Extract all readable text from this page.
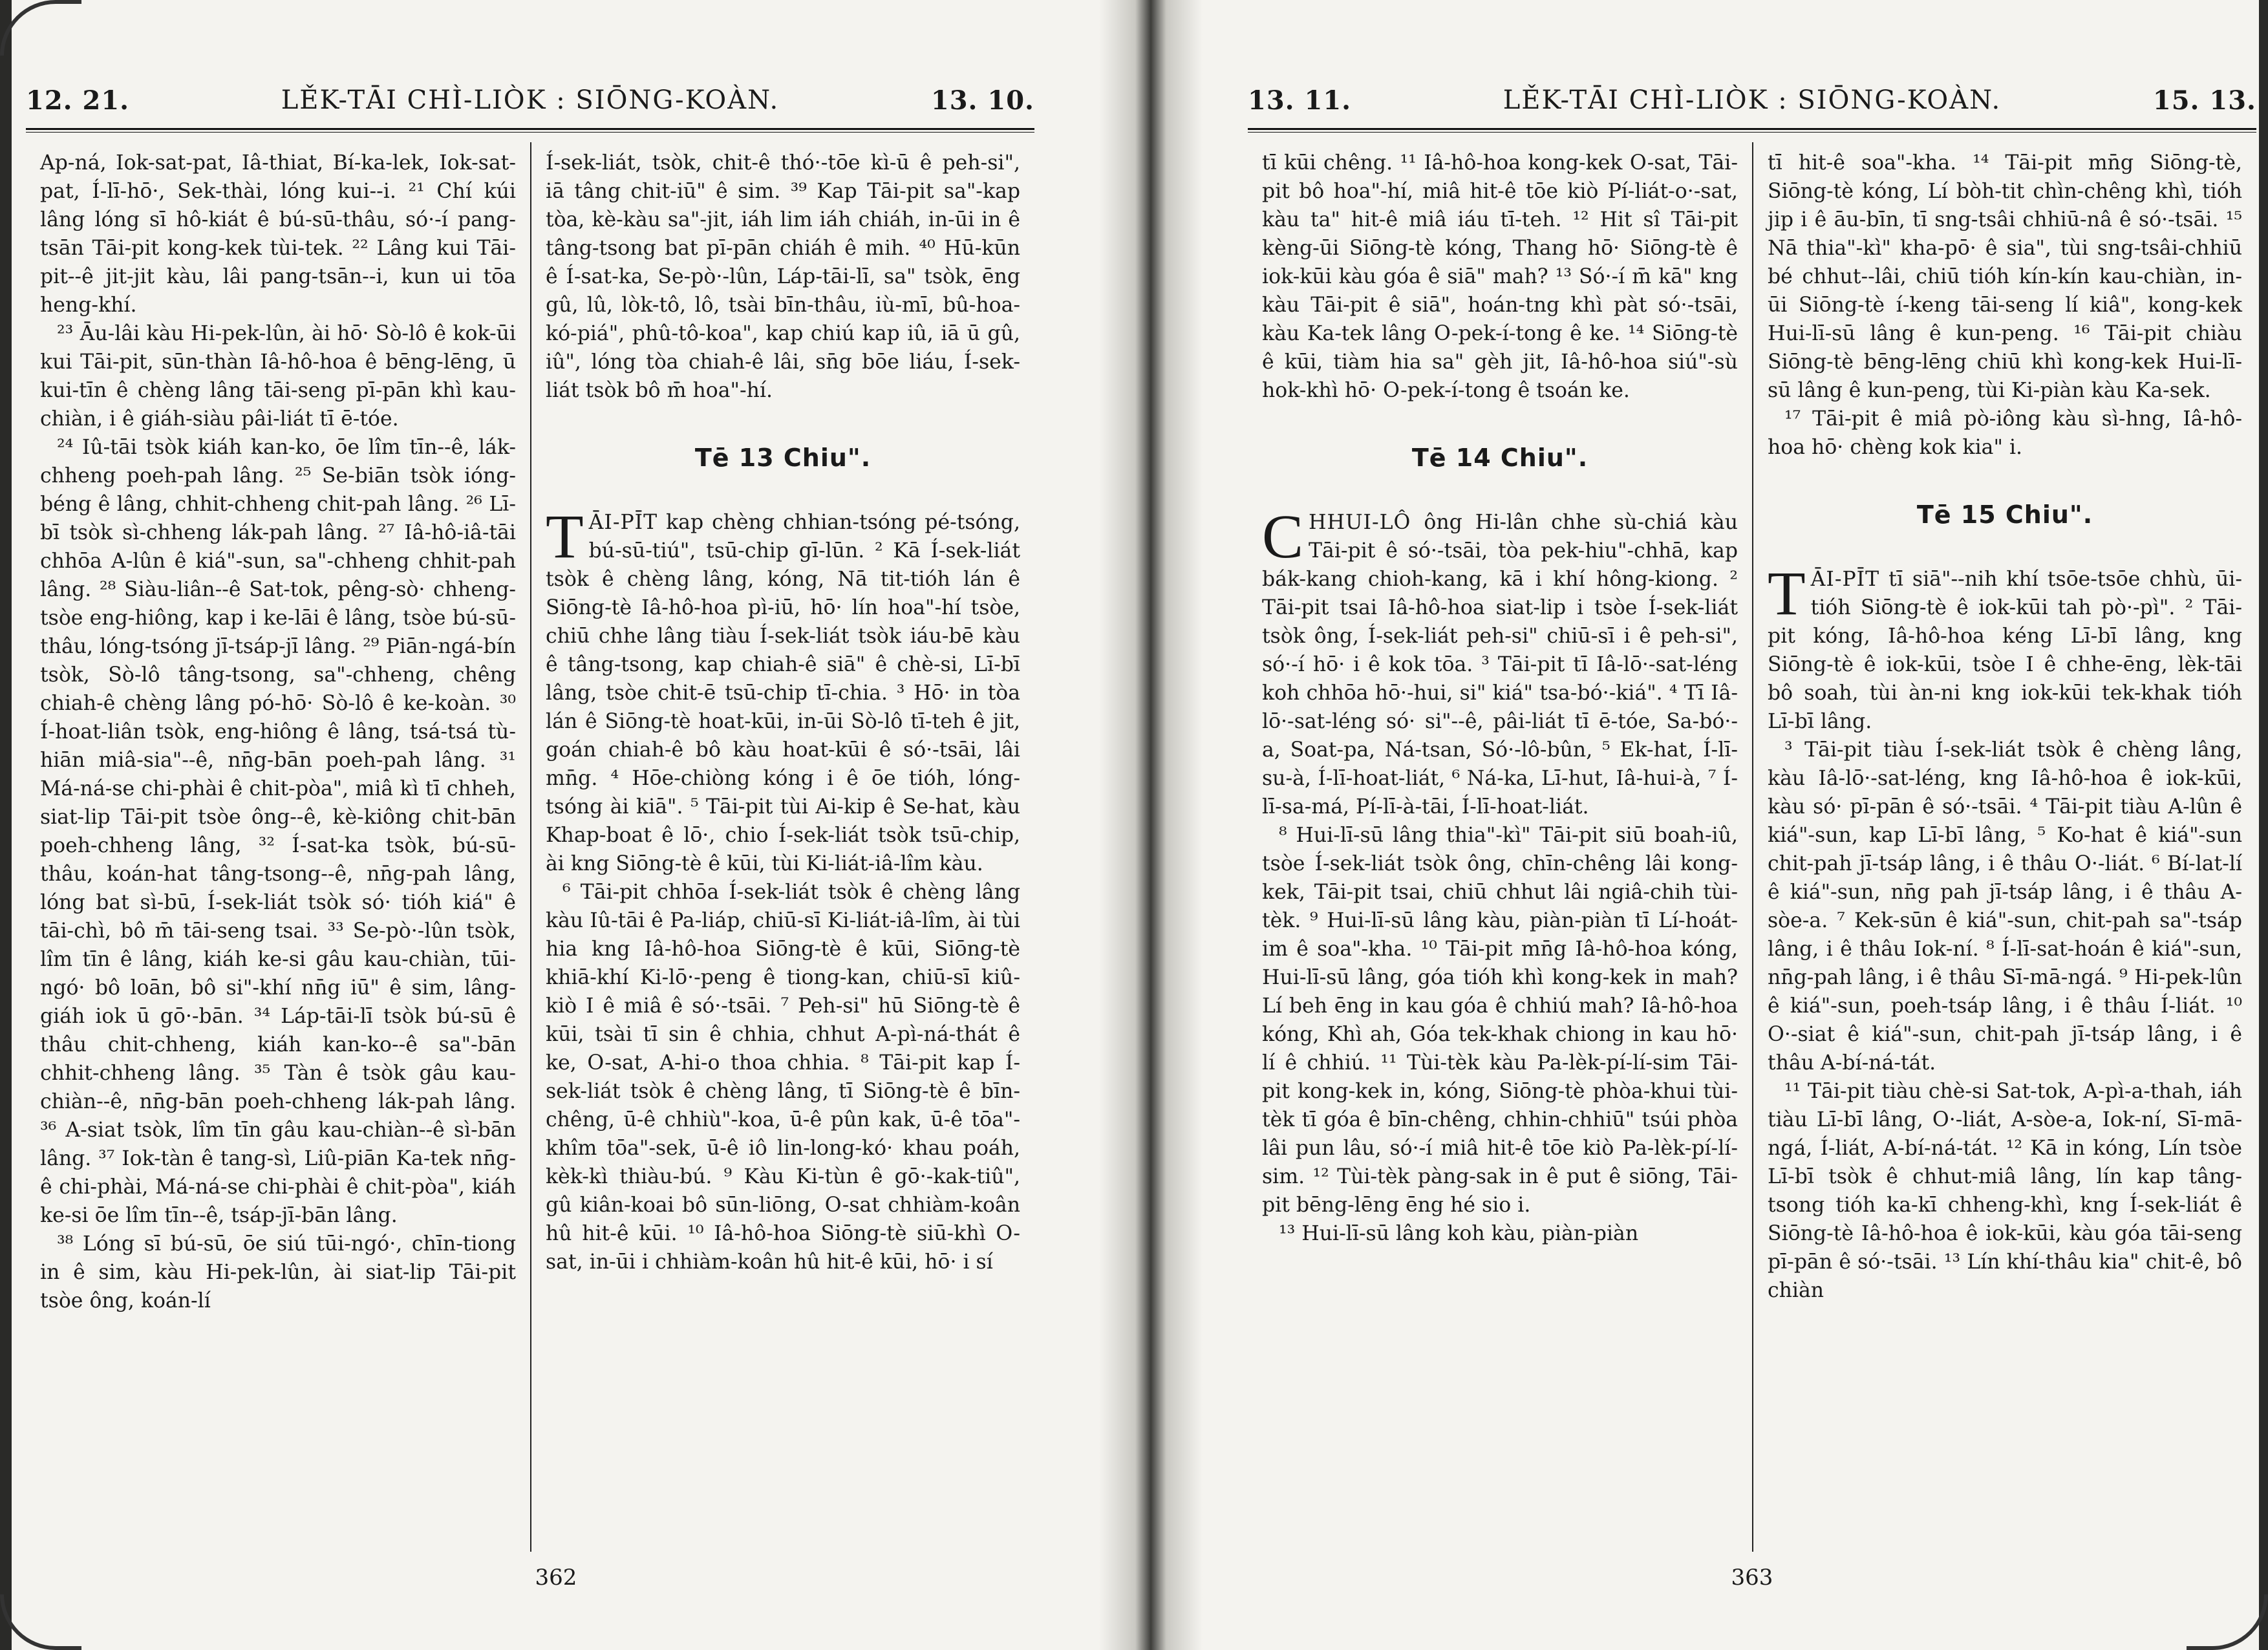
12. 21.	LĚK-TĀI CHÌ-LIÒK : SIŌNG-KOÀN.	13. 10.

Ap-ná, Iok-sat-pat, Iâ-thiat, Bí-ka-lek, Iok-sat-pat, Í-lī-hō·, Sek-thài, lóng kui--i. ²¹ Chí kúi lâng lóng sī hô-kiát ê bú-sū-thâu, só·-í pang-tsān Tāi-pit kong-kek tùi-tek. ²² Lâng kui Tāi-pit--ê jit-jit kàu, lâi pang-tsān--i, kun ui tōa heng-khí.

²³ Āu-lâi kàu Hi-pek-lûn, ài hō· Sò-lô ê kok-ūi kui Tāi-pit, sūn-thàn Iâ-hô-hoa ê bēng-lēng, ū kui-tīn ê chèng lâng tāi-seng pī-pān khì kau-chiàn, i ê giáh-siàu pâi-liát tī ē-tóe.

²⁴ Iû-tāi tsòk kiáh kan-ko, ōe lîm tīn--ê, lák-chheng poeh-pah lâng. ²⁵ Se-biān tsòk ióng-béng ê lâng, chhit-chheng chit-pah lâng. ²⁶ Lī-bī tsòk sì-chheng lák-pah lâng. ²⁷ Iâ-hô-iâ-tāi chhōa A-lûn ê kiá"-sun, sa"-chheng chhit-pah lâng. ²⁸ Siàu-liân--ê Sat-tok, pêng-sò· chheng-tsòe eng-hiông, kap i ke-lāi ê lâng, tsòe bú-sū-thâu, lóng-tsóng jī-tsáp-jī lâng. ²⁹ Piān-ngá-bín tsòk, Sò-lô tâng-tsong, sa"-chheng, chêng chiah-ê chèng lâng pó-hō· Sò-lô ê ke-koàn. ³⁰ Í-hoat-liân tsòk, eng-hiông ê lâng, tsá-tsá tù-hiān miâ-sia"--ê, nn̄g-bān poeh-pah lâng. ³¹ Má-ná-se chi-phài ê chit-pòa", miâ kì tī chheh, siat-lip Tāi-pit tsòe ông--ê, kè-kiông chit-bān poeh-chheng lâng, ³² Í-sat-ka tsòk, bú-sū-thâu, koán-hat tâng-tsong--ê, nn̄g-pah lâng, lóng bat sì-bū, Í-sek-liát tsòk só· tióh kiá" ê tāi-chì, bô m̄ tāi-seng tsai. ³³ Se-pò·-lûn tsòk, lîm tīn ê lâng, kiáh ke-si gâu kau-chiàn, tūi-ngó· bô loān, bô si"-khí nn̄g iū" ê sim, lâng-giáh iok ū gō·-bān. ³⁴ Láp-tāi-lī tsòk bú-sū ê thâu chit-chheng, kiáh kan-ko--ê sa"-bān chhit-chheng lâng. ³⁵ Tàn ê tsòk gâu kau-chiàn--ê, nn̄g-bān poeh-chheng lák-pah lâng. ³⁶ A-siat tsòk, lîm tīn gâu kau-chiàn--ê sì-bān lâng. ³⁷ Iok-tàn ê tang-sì, Liû-piān Ka-tek nn̄g-ê chi-phài, Má-ná-se chi-phài ê chit-pòa", kiáh ke-si ōe lîm tīn--ê, tsáp-jī-bān lâng.

³⁸ Lóng sī bú-sū, ōe siú tūi-ngó·, chīn-tiong in ê sim, kàu Hi-pek-lûn, ài siat-lip Tāi-pit tsòe ông, koán-lí

Í-sek-liát, tsòk, chit-ê thó·-tōe kì-ū ê peh-si", iā tâng chit-iū" ê sim. ³⁹ Kap Tāi-pit sa"-kap tòa, kè-kàu sa"-jit, iáh lim iáh chiáh, in-ūi in ê tâng-tsong bat pī-pān chiáh ê mih. ⁴⁰ Hū-kūn ê Í-sat-ka, Se-pò·-lûn, Láp-tāi-lī, sa" tsòk, ēng gû, lû, lòk-tô, lô, tsài bīn-thâu, iù-mī, bû-hoa-kó-piá", phû-tô-koa", kap chiú kap iû, iā ū gû, iû", lóng tòa chiah-ê lâi, sn̄g bōe liáu, Í-sek-liát tsòk bô m̄ hoa"-hí.

Tē 13 Chiu".

TĀI-PĪT kap chèng chhian-tsóng pé-tsóng, bú-sū-tiú", tsū-chip gī-lūn. ² Kā Í-sek-liát tsòk ê chèng lâng, kóng, Nā tit-tióh lán ê Siōng-tè Iâ-hô-hoa pì-iū, hō· lín hoa"-hí tsòe, chiū chhe lâng tiàu Í-sek-liát tsòk iáu-bē kàu ê tâng-tsong, kap chiah-ê siā" ê chè-si, Lī-bī lâng, tsòe chit-ē tsū-chip tī-chia. ³ Hō· in tòa lán ê Siōng-tè hoat-kūi, in-ūi Sò-lô tī-teh ê jit, goán chiah-ê bô kàu hoat-kūi ê só·-tsāi, lâi mn̄g. ⁴ Hōe-chiòng kóng i ê ōe tióh, lóng-tsóng ài kiā". ⁵ Tāi-pit tùi Ai-kip ê Se-hat, kàu Khap-boat ê lō·, chio Í-sek-liát tsòk tsū-chip, ài kng Siōng-tè ê kūi, tùi Ki-liát-iâ-lîm kàu.

⁶ Tāi-pit chhōa Í-sek-liát tsòk ê chèng lâng kàu Iû-tāi ê Pa-liáp, chiū-sī Ki-liát-iâ-lîm, ài tùi hia kng Iâ-hô-hoa Siōng-tè ê kūi, Siōng-tè khiā-khí Ki-lō·-peng ê tiong-kan, chiū-sī kiû-kiò I ê miâ ê só·-tsāi. ⁷ Peh-si" hū Siōng-tè ê kūi, tsài tī sin ê chhia, chhut A-pì-ná-thát ê ke, O-sat, A-hi-o thoa chhia. ⁸ Tāi-pit kap Í-sek-liát tsòk ê chèng lâng, tī Siōng-tè ê bīn-chêng, ū-ê chhiù"-koa, ū-ê pûn kak, ū-ê tōa"-khîm tōa"-sek, ū-ê iô lin-long-kó· khau poáh, kèk-kì thiàu-bú. ⁹ Kàu Ki-tùn ê gō·-kak-tiû", gû kiân-koai bô sūn-liōng, O-sat chhiàm-koân hû hit-ê kūi. ¹⁰ Iâ-hô-hoa Siōng-tè siū-khì O-sat, in-ūi i chhiàm-koân hû hit-ê kūi, hō· i sí

362
13. 11.	LĚK-TĀI CHÌ-LIÒK : SIŌNG-KOÀN.	15. 13.

tī kūi chêng. ¹¹ Iâ-hô-hoa kong-kek O-sat, Tāi-pit bô hoa"-hí, miâ hit-ê tōe kiò Pí-liát-o·-sat, kàu ta" hit-ê miâ iáu tī-teh. ¹² Hit sî Tāi-pit kèng-ūi Siōng-tè kóng, Thang hō· Siōng-tè ê iok-kūi kàu góa ê siā" mah? ¹³ Só·-í m̄ kā" kng kàu Tāi-pit ê siā", hoán-tng khì pàt só·-tsāi, kàu Ka-tek lâng O-pek-í-tong ê ke. ¹⁴ Siōng-tè ê kūi, tiàm hia sa" gèh jit, Iâ-hô-hoa siú"-sù hok-khì hō· O-pek-í-tong ê tsoán ke.

Tē 14 Chiu".

CHHUI-LÔ ông Hi-lân chhe sù-chiá kàu Tāi-pit ê só·-tsāi, tòa pek-hiu"-chhā, kap bák-kang chioh-kang, kā i khí hông-kiong. ² Tāi-pit tsai Iâ-hô-hoa siat-lip i tsòe Í-sek-liát tsòk ông, Í-sek-liát peh-si" chiū-sī i ê peh-si", só·-í hō· i ê kok tōa. ³ Tāi-pit tī Iâ-lō·-sat-léng koh chhōa hō·-hui, si" kiá" tsa-bó·-kiá". ⁴ Tī Iâ-lō·-sat-léng só· si"--ê, pâi-liát tī ē-tóe, Sa-bó·-a, Soat-pa, Ná-tsan, Só·-lô-bûn, ⁵ Ek-hat, Í-lī-su-à, Í-lī-hoat-liát, ⁶ Ná-ka, Lī-hut, Iâ-hui-à, ⁷ Í-lī-sa-má, Pí-lī-à-tāi, Í-lī-hoat-liát.

⁸ Hui-lī-sū lâng thia"-kì" Tāi-pit siū boah-iû, tsòe Í-sek-liát tsòk ông, chīn-chêng lâi kong-kek, Tāi-pit tsai, chiū chhut lâi ngiâ-chih tùi-tèk. ⁹ Hui-lī-sū lâng kàu, piàn-piàn tī Lí-hoát-im ê soa"-kha. ¹⁰ Tāi-pit mn̄g Iâ-hô-hoa kóng, Hui-lī-sū lâng, góa tióh khì kong-kek in mah? Lí beh ēng in kau góa ê chhiú mah? Iâ-hô-hoa kóng, Khì ah, Góa tek-khak chiong in kau hō· lí ê chhiú. ¹¹ Tùi-tèk kàu Pa-lèk-pí-lí-sim Tāi-pit kong-kek in, kóng, Siōng-tè phòa-khui tùi-tèk tī góa ê bīn-chêng, chhin-chhiū" tsúi phòa lâi pun lâu, só·-í miâ hit-ê tōe kiò Pa-lèk-pí-lí-sim. ¹² Tùi-tèk pàng-sak in ê put ê siōng, Tāi-pit bēng-lēng ēng hé sio i.

¹³ Hui-lī-sū lâng koh kàu, piàn-piàn

tī hit-ê soa"-kha. ¹⁴ Tāi-pit mn̄g Siōng-tè, Siōng-tè kóng, Lí bòh-tit chìn-chêng khì, tióh jip i ê āu-bīn, tī sng-tsâi chhiū-nâ ê só·-tsāi. ¹⁵ Nā thia"-kì" kha-pō· ê sia", tùi sng-tsâi-chhiū bé chhut--lâi, chiū tióh kín-kín kau-chiàn, in-ūi Siōng-tè í-keng tāi-seng lí kiâ", kong-kek Hui-lī-sū lâng ê kun-peng. ¹⁶ Tāi-pit chiàu Siōng-tè bēng-lēng chiū khì kong-kek Hui-lī-sū lâng ê kun-peng, tùi Ki-piàn kàu Ka-sek.

¹⁷ Tāi-pit ê miâ pò-iông kàu sì-hng, Iâ-hô-hoa hō· chèng kok kia" i.

Tē 15 Chiu".

TĀI-PĪT tī siā"--nih khí tsōe-tsōe chhù, ūi-tióh Siōng-tè ê iok-kūi tah pò·-pì". ² Tāi-pit kóng, Iâ-hô-hoa kéng Lī-bī lâng, kng Siōng-tè ê iok-kūi, tsòe I ê chhe-ēng, lèk-tāi bô soah, tùi àn-ni kng iok-kūi tek-khak tióh Lī-bī lâng.

³ Tāi-pit tiàu Í-sek-liát tsòk ê chèng lâng, kàu Iâ-lō·-sat-léng, kng Iâ-hô-hoa ê iok-kūi, kàu só· pī-pān ê só·-tsāi. ⁴ Tāi-pit tiàu A-lûn ê kiá"-sun, kap Lī-bī lâng, ⁵ Ko-hat ê kiá"-sun chit-pah jī-tsáp lâng, i ê thâu O·-liát. ⁶ Bí-lat-lí ê kiá"-sun, nn̄g pah jī-tsáp lâng, i ê thâu A-sòe-a. ⁷ Kek-sūn ê kiá"-sun, chit-pah sa"-tsáp lâng, i ê thâu Iok-ní. ⁸ Í-lī-sat-hoán ê kiá"-sun, nn̄g-pah lâng, i ê thâu Sī-mā-ngá. ⁹ Hi-pek-lûn ê kiá"-sun, poeh-tsáp lâng, i ê thâu Í-liát. ¹⁰ O·-siat ê kiá"-sun, chit-pah jī-tsáp lâng, i ê thâu A-bí-ná-tát.

¹¹ Tāi-pit tiàu chè-si Sat-tok, A-pì-a-thah, iáh tiàu Lī-bī lâng, O·-liát, A-sòe-a, Iok-ní, Sī-mā-ngá, Í-liát, A-bí-ná-tát. ¹² Kā in kóng, Lín tsòe Lī-bī tsòk ê chhut-miâ lâng, lín kap tâng-tsong tióh ka-kī chheng-khì, kng Í-sek-liát ê Siōng-tè Iâ-hô-hoa ê iok-kūi, kàu góa tāi-seng pī-pān ê só·-tsāi. ¹³ Lín khí-thâu kia" chit-ê, bô chiàn

363
